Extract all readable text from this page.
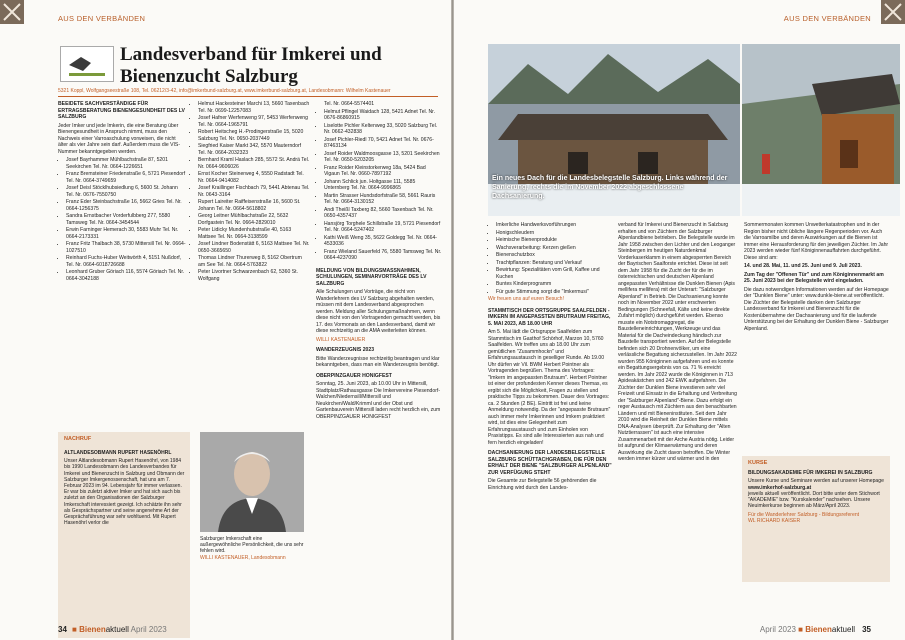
AUS DEN VERBÄNDEN
Landesverband für Imkerei und Bienenzucht Salzburg
5321 Koppl, Wolfgangseestraße 108, Tel. 06212/3-42, info@imkerbund-salzburg.at, www.imkerbund-salzburg.at, Landesobmann: Wilhelm Kastenauer

BEEIDETE SACHVERSTÄNDIGE FÜR ERTRAGSBERATUNG BIENENGESUNDHEIT DES LV SALZBURG

Jeder Imker und jede Imkerin, die eine Beratung über Bienengesundheit in Anspruch nimmt, muss den Nachweis einer Varroaschulung vorweisen, die nicht älter als vier Jahre sein darf. Außerdem muss die VIS-Nummer bekanntgegeben werden.

• Josef Bayrhammer Mühlbachstraße 87, 5201 Seekirchen Tel. Nr. 0664-1226651
• Franz Bremsteiner Friedenstraße 6, 5721 Piesendorf Tel. Nr. 0664-3749659
• Josef Deisl Stöcklhubsiedlung 6, 5600 St. Johann Tel. Nr. 0676-7550750
• Franz Eder Steinbachstraße 16, 5662 Gries Tel. Nr. 0664-1256375
• Sandra Ernstbacher Vorderfulbberg 277, 5580 Tamsweg Tel. Nr. 0664-3454544
• Erwin Farninger Hemerach 30, 5583 Muhr Tel. Nr. 0664-2173331
• Franz Fritz Thalbach 38, 5730 Mittersill Tel. Nr. 0664-1027510
• Reinhard Fuchs-Huber Weitwörth 4, 5151 Nußdorf, Tel. Nr. 0664-6018726688
• Leonhard Gruber Göriach 116, 5574 Göriach Tel. Nr. 0664-3042188
• Helmut Hackesteiner Marchi 13, 5660 Taxenbach Tel. Nr. 0699-12257083
• Josef Hafner Werfenweng 97, 5453 Werfenweng Tel. Nr. 0664-1965791
• Robert Heitscheg H.-Prodingerstraße 15, 5020 Salzburg Tel. Nr. 0650-2037449
• Siegfried Kaiser Markt 342, 5570 Mauterndorf Tel. Nr. 0664-2032323
• Bernhard Kraml Haslach 285, 5572 St. Andrä Tel. Nr. 0664-9606026
• Ernst Kocher Steinerweg 4, 5550 Radstadt Tel. Nr. 0664-9414082
• Josef Kraillinger Fischbach 79, 5441 Abtenau Tel. Nr. 0643-3164
• Rupert Laireiter Raiffeisenstraße 16, 5600 St. Johann Tel. Nr. 0664-5618802
• Georg Leitner Mühlbachstraße 22, 5632 Dorfgastein Tel. Nr. 0664-2829010
• Peter Lidicky Mundenhubstraße 40, 5163 Mattsee Tel. Nr. 0664-3138599
• Josef Lindner Bodenstätt 6, 5163 Mattsee Tel. Nr. 0650-3665650
• Thomas Lindner Thurerweg 8, 5162 Obertrum am See Tel. Nr. 0664-5763822
• Peter Livortner Schwarzenbach 62, 5360 St. Wolfgang
Tel. Nr. 0664-5574401
• Helmut Pflingel Waidach 128, 5421 Adnet Tel. Nr. 0676-86860915
• Liselotte Pichler Keltenweg 33, 5020 Salzburg Tel. Nr. 0662-432838
• Josef Pichler-Riedl 70, 5421 Adnet Tel. Nr. 0676-87463134
• Josef Roider Waldmoosgasse 13, 5201 Seekirchen Tel. Nr. 0650-5203205
• Franz Roider Kleinstorkerweg 18a, 5424 Bad Vigaun Tel. Nr. 0660-7897192
• Johann Schlick jun. Holtgasse 111, 5585 Unternberg Tel. Nr. 0664-9996865
• Martin Strasser Hundsdorfstraße 58, 5661 Rauris Tel. Nr. 0664-3130152
• Andi Theißl Taxberg 82, 5660 Taxenbach Tel. Nr. 0650-4357437
• Hansjörg Torghele Schillstraße 19, 5721 Piesendorf Tel. Nr. 0664-5247402
• Kathi Weiß Weng 35, 5622 Goldegg Tel. Nr. 0664-4533036
• Franz Wieland Sauerfeld 76, 5580 Tamsweg Tel. Nr. 0664-4237090

MELDUNG VON BILDUNGSMASSNAHMEN, SCHULUNGEN, SEMINARVORTRÄGE DES LV SALZBURG

Alle Schulungen und Vorträge, die nicht von Wanderlehrern des LV Salzburg abgehalten werden, müssen mit dem Landesverband abgesprochen werden. Meldung aller Schulungsmaßnahmen, wenn diese nicht von den Vortragenden gemacht werden, bis 17. des Vormonats an den Landesverband, damit wir diese rechtzeitig an die AMA weiterleiten können.

WILLI KASTENAUER

WANDERZEUGNIS 2023

Bitte Wanderzeugnisse rechtzeitig beantragen und klar bekanntgeben, dass man ein Wanderzeugnis benötigt.

OBERPINZGAUER HONIGFEST

Sonntag, 25. Juni 2023, ab 10.00 Uhr in Mittersill, Stadtplatz/Rathausgasse Die Imkervereine Piesendorf-Walchen/Niedernsill/Mittersill und Neukirchen/Wald/Krimml und der Obst und Gartenbauverein Mittersill laden recht herzlich ein, zum OBERPINZGAUER HONIGFEST

NACHRUF

ALTLANDESOBMANN RUPERT HASENÖHRL

Unser Altlandesobmann Rupert Hasenöhrl, von 1984 bis 1990 Landesobmann des Landesverbandes für Imkerei und Bienenzucht in Salzburg und Obmann der Salzburger Imkergenossenschaft, hat uns am 7. Februar 2023 im 94. Lebensjahr für immer verlassen. Er war bis zuletzt aktiver Imker und hat sich auch bis zuletzt an den Organisationen der Salzburger Imkerschaft interessiert gezeigt. Ich schätzte ihn sehr als Gesprächspartner und seine angenehme Art der Gesprächsführung war sehr wohltuend. Mit Rupert Hasenöhrl verlor die

Salzburger Imkerschaft eine außergewöhnliche Persönlichkeit, die uns sehr fehlen wird.
WILLI KASTENAUER, Landesobmann
34 ■ Bienenaktuell April 2023
AUS DEN VERBÄNDEN
35
April 2023 ■ Bienenaktuell
Ein neues Dach für die Landesbelegstelle Salzburg. Links während der Sanierung, rechts die im November 2022 abgeschlossene Dachsanierung.
• Imkerliche Handwerksvorführungen
• Honigschleudern
• Heimische Bienenprodukte
• Wachsverarbeitung: Kerzen gießen
• Bienenschutzbox
• Trachtpflanzen: Beratung und Verkauf
• Bewirtung: Spezialitäten vom Grill, Kaffee und Kuchen
• Buntes Kinderprogramm
• Für gute Stimmung sorgt die "Imkermusi"

Wir freuen uns auf euren Besuch!

STAMMTISCH DER ORTSGRUPPE SAALFELDEN - IMKERN IM ANGEPASSTEN BRUTRAUM FREITAG, 5. MAI 2023, AB 18.00 UHR

Am 5. Mai lädt die Ortsgruppe Saalfelden zum Stammtisch im Gasthof Schörhof, Marzon 10, 5760 Saalfelden. Wir treffen uns ab 18.00 Uhr zum gemütlichen "Zusammhockn" und Erfahrungsaustausch in geselliger Runde. Ab 19.00 Uhr dürfen wir Vil. BWM Herbert Pointner als Vortragenden begrüßen. Thema des Vortrages: "Imkern im angepassten Brutraum". Herbert Pointner ist einer der profundesten Kenner dieses Themas, es ergibt sich die Möglichkeit, Fragen zu stellen und praktische Tipps zu bekommen. Dauer des Vortrages: ca. 2 Stunden (2 BE). Eintritt ist frei und keine Anmeldung notwendig. Da der "angepasste Brutraum" auch immer mehr Imkerinnen und Imkern praktiziert wird, ist dies eine Gelegenheit zum Erfahrungsaustausch und zum Einholen von Praxistipps. Es sind alle Interessierten aus nah und fern herzlich eingeladen!

DACHSANIERUNG DER LANDESBELEGSTELLE SALZBURG SCHÜTTACHGRABEN, DIE FÜR DEN ERHALT DER BIENE "SALZBURGER ALPENLAND" ZUR VERFÜGUNG STEHT

Die Gesamte zur Belegstelle 56 gehörenden die Einrichtung wird durch den Landes-

verband für Imkerei und Bienenzucht in Salzburg erhalten und von Züchtern der Salzburger Alpenlandbiene betrieben. Die Belegstelle wurde im Jahr 1958 zwischen den Lichter und den Leoganger Steinbergen im heutigen Naturdenkmal Vorderkaserklamm in einem abgesperrten Bereich der Bayrischen Saalforste errichtet. Diese ist seit dem Jahr 1958 für die Zucht der für die im österreichischen und deutschen Alpenland angepassten Verhältnisse die Dunklen Bienen (Apis mellifera mellifera) mit der Unterart: "Salzburger Alpenland" in Betrieb. Die Dachsanierung konnte noch im November 2022 unter erschwerten Bedingungen (Schneefall, Kälte und keine direkte Zufahrt möglich) durchgeführt werden. Ebenso musste ein Notstromaggregat, die Baustelleneinrichtungen, Werkzeuge und das Material für die Dacheindeckung händisch zur Baustelle transportiert werden. Auf der Belegstelle befinden sich 20 Drohnenvölker, um eine verlässliche Begattung sicherzustellen. Im Jahr 2022 wurden 955 Königinnen aufgefahren und es konnte ein Begattungsergebnis von ca. 71 % erreicht werden. Im Jahr 2022 wurde die Königinnen in 713 Apideakästchen und 242 EWK aufgefahren. Die Züchter der Dunklen Biene investieren sehr viel Freizeit und Einsatz in die Erhaltung und Verbreitung der "Salzburger Alpenland"-Biene. Dazu erfolgt ein reger Austausch mit Züchtern aus den benachbarten Ländern und mit Bieneninstituten. Seit dem Jahr 2010 wird die Reinheit der Dunklen Biene mittels DNA-Analysen überprüft. Zur Erhaltung der "Alten Nutztierrassen" ist auch eine intensive Zusammenarbeit mit der Arche Austria nötig. Leider ist aufgrund der Klimaerwärmung und deren Auswirkung die Zucht davon betroffen. Die Winter werden immer kürzer und wärmer und in den

Sommermonaten kommen Unwetterkatastrophen und in der Region bisher nicht übliche längere Regenperioden vor. Auch die Varroamilbe und deren Auswirkungen auf die Bienen ist immer eine Herausforderung für den jeweiligen Züchter. Im Jahr 2023 werden wieder fünf Königinnenauffahrten durchgeführt. Diese sind am:

14. und 28. Mai, 11. und 25. Juni und 9. Juli 2023.

Zum Tag der "Offenen Tür" und zum Königinnenmarkt am 25. Juni 2023 bei der Belegstelle wird eingeladen.

Die dazu notwendigen Informationen werden auf der Homepage der "Dunklen Biene" unter: www.dunkle-biene.at veröffentlicht. Die Züchter der Belegstelle danken dem Salzburger Landesverband für Imkerei und Bienenzucht für die Kostenübernahme der Dachsanierung und für die laufende Unterstützung bei der Erhaltung der Dunklen Biene - Salzburger Alpenland.

KURSE

BILDUNGSAKADEMIE FÜR IMKEREI IN SALZBURG

Unsere Kurse und Seminare werden auf unserer Homepage

www.imkerhof-salzburg.at

jeweils aktuell veröffentlicht. Dort bitte unter dem Stichwort "AKADEMIE" bzw. "Kurskalender" nachsehen. Unsere Neuimkerkurse beginnen ab März/April 2023.

Für die Wanderlehrer Salzburg - Bildungsreferent

WL RICHARD KAISER
